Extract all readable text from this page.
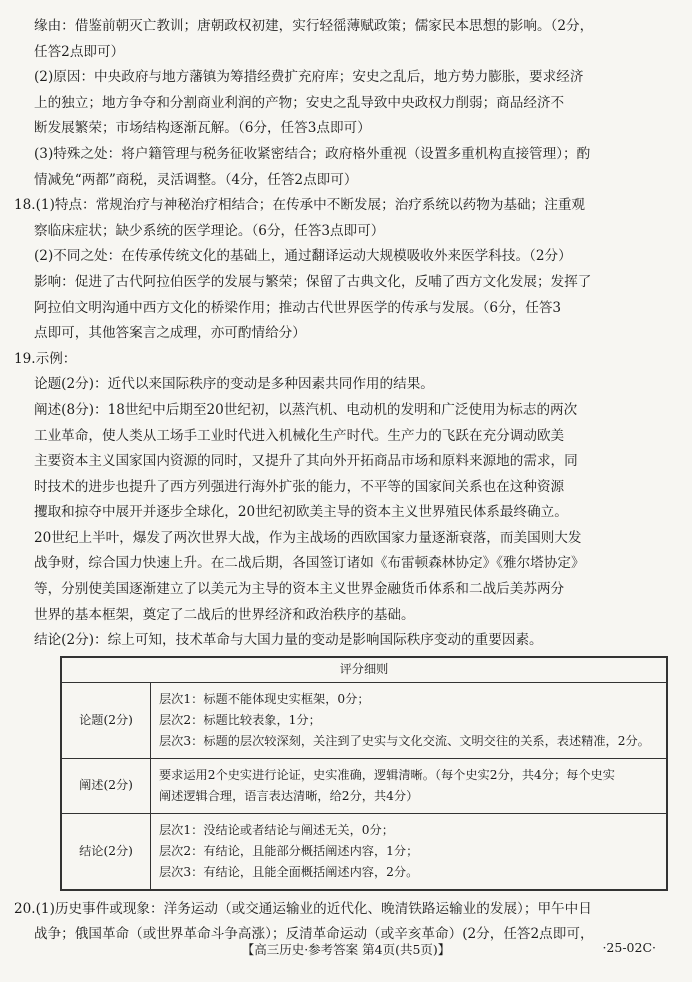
缘由：借鉴前朝灭亡教训；唐朝政权初建，实行轻徭薄赋政策；儒家民本思想的影响。（2分，

任答2点即可）

(2)原因：中央政府与地方藩镇为筹措经费扩充府库；安史之乱后，地方势力膨胀，要求经济

上的独立；地方争夺和分割商业利润的产物；安史之乱导致中央政权力削弱；商品经济不

断发展繁荣；市场结构逐渐瓦解。（6分，任答3点即可）

(3)特殊之处：将户籍管理与税务征收紧密结合；政府格外重视（设置多重机构直接管理）；酌

情减免“两都”商税，灵活调整。（4分，任答2点即可）

18.(1)特点：常规治疗与神秘治疗相结合；在传承中不断发展；治疗系统以药物为基础；注重观

察临床症状；缺少系统的医学理论。（6分，任答3点即可）

(2)不同之处：在传承传统文化的基础上，通过翻译运动大规模吸收外来医学科技。（2分）

影响：促进了古代阿拉伯医学的发展与繁荣；保留了古典文化，反哺了西方文化发展；发挥了

阿拉伯文明沟通中西方文化的桥梁作用；推动古代世界医学的传承与发展。（6分，任答3

点即可，其他答案言之成理，亦可酌情给分）

19.示例：

论题(2分)：近代以来国际秩序的变动是多种因素共同作用的结果。

阐述(8分)：18世纪中后期至20世纪初，以蒸汽机、电动机的发明和广泛使用为标志的两次

工业革命，使人类从工场手工业时代进入机械化生产时代。生产力的飞跃在充分调动欧美

主要资本主义国家国内资源的同时，又提升了其向外开拓商品市场和原料来源地的需求，同

时技术的进步也提升了西方列强进行海外扩张的能力，不平等的国家间关系也在这种资源

攫取和掠夺中展开并逐步全球化，20世纪初欧美主导的资本主义世界殖民体系最终确立。

20世纪上半叶，爆发了两次世界大战，作为主战场的西欧国家力量逐渐衰落，而美国则大发

战争财，综合国力快速上升。在二战后期，各国签订诸如《布雷顿森林协定》《雅尔塔协定》

等，分别使美国逐渐建立了以美元为主导的资本主义世界金融货币体系和二战后美苏两分

世界的基本框架，奠定了二战后的世界经济和政治秩序的基础。

结论(2分)：综上可知，技术革命与大国力量的变动是影响国际秩序变动的重要因素。

评分细则	
论题(2分)	层次1：标题不能体现史实框架，0分；
层次2：标题比较表象，1分；
层次3：标题的层次较深刻，关注到了史实与文化交流、文明交往的关系，表述精准，2分。

阐述(2分)	要求运用2个史实进行论证，史实准确，逻辑清晰。（每个史实2分，共4分；每个史实
阐述逻辑合理，语言表达清晰，给2分，共4分）

结论(2分)	层次1：没结论或者结论与阐述无关，0分；
层次2：有结论，且能部分概括阐述内容，1分；
层次3：有结论，且能全面概括阐述内容，2分。

20.(1)历史事件或现象：洋务运动（或交通运输业的近代化、晚清铁路运输业的发展）；甲午中日

战争；俄国革命（或世界革命斗争高涨）；反清革命运动（或辛亥革命）(2分，任答2点即可，

【高三历史·参考答案 第4页(共5页)】	·25-02C·
